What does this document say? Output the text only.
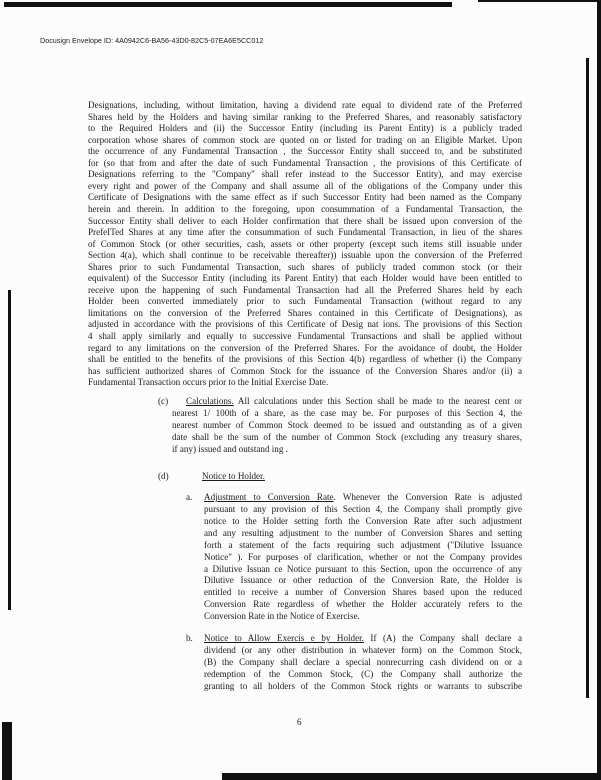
Docusign Envelope ID: 4A0942C6-BA56-43D0-82C5-07EA6E5CC012
Designations, including, without limitation, having a dividend rate equal to dividend rate of the Preferred
Shares held by the Holders and having similar ranking to the Preferred Shares, and reasonably satisfactory
to the Required Holders and (ii) the Successor Entity (including its Parent Entity) is a publicly traded
corporation whose shares of common stock are quoted on or listed for trading on an Eligible Market. Upon
the occurrence of any Fundamental Transaction , the Successor Entity shall succeed to, and be substituted
for (so that from and after the date of such Fundamental Transaction , the provisions of this Certificate of
Designations referring to the "Company" shall refer instead to the Successor Entity), and may exercise
every right and power of the Company and shall assume all of the obligations of the Company under this
Certificate of Designations with the same effect as if such Successor Entity had been named as the Company
herein and therein. In addition to the foregoing, upon consummation of a Fundamental Transaction, the
Successor Entity shall deliver to each Holder confirmation that there shall be issued upon conversion of the
PrefeITed Shares at any time after the consummation of such Fundamental Transaction, in lieu of the shares
of Common Stock (or other securities, cash, assets or other property (except such items still issuable under
Section 4(a), which shall continue to be receivable thereafter)) issuable upon the conversion of the Preferred
Shares prior to such Fundamental Transaction, such shares of publicly traded common stock (or their
equivalent) of the Successor Entity (including its Parent Entity) that each Holder would have been entitled to
receive upon the happening of such Fundamental Transaction had all the Preferred Shares held by each
Holder been converted immediately prior to such Fundamental Transaction (without regard to any
limitations on the conversion of the Preferred Shares contained in this Certificate of Designations), as
adjusted in accordance with the provisions of this Certificate of Desig nat ions. The provisions of this Section
4 shall apply similarly and equally to successive Fundamental Transactions and shall be applied without
regard to any limitations on the conversion of the Preferred Shares. For the avoidance of doubt, the Holder
shall be entitled to the benefits of the provisions of this Section 4(b) regardless of whether (i) the Company
has sufficient authorized shares of Common Stock for the issuance of the Conversion Shares and/or (ii) a
Fundamental Transaction occurs prior to the Initial Exercise Date.
(c) Calculations. All calculations under this Section shall be made to the nearest cent or
nearest 1/ 100th of a share, as the case may be. For purposes of this Section 4, the
nearest number of Common Stock deemed to be issued and outstanding as of a given
date shall be the sum of the number of Common Stock (excluding any treasury shares,
if any) issued and outstand ing .
(d)	Notice to Holder.
a. Adjustment to Conversion Rate. Whenever the Conversion Rate is adjusted
pursuant to any provision of this Section 4, the Company shall promptly give
notice to the Holder setting forth the Conversion Rate after such adjustment
and any resulting adjustment to the number of Conversion Shares and setting
forth a statement of the facts requiring such adjustment ("Dilutive Issuance
Notice" ). For purposes of clarification, whether or not the Company provides
a Dilutive Issuan ce Notice pursuant to this Section, upon the occurrence of any
Dilutive Issuance or other reduction of the Conversion Rate, the Holder is
entitled to receive a number of Conversion Shares based upon the reduced
Conversion Rate regardless of whether the Holder accurately refers to the
Conversion Rate in the Notice of Exercise.
b. Notice to Allow Exercis e by Holder. If (A) the Company shall declare a
dividend (or any other distribution in whatever form) on the Common Stock,
(B) the Company shall declare a special nonrecurring cash dividend on or a
redemption of the Common Stock, (C) the Company shall authorize the
granting to all holders of the Common Stock rights or warrants to subscribe
6
